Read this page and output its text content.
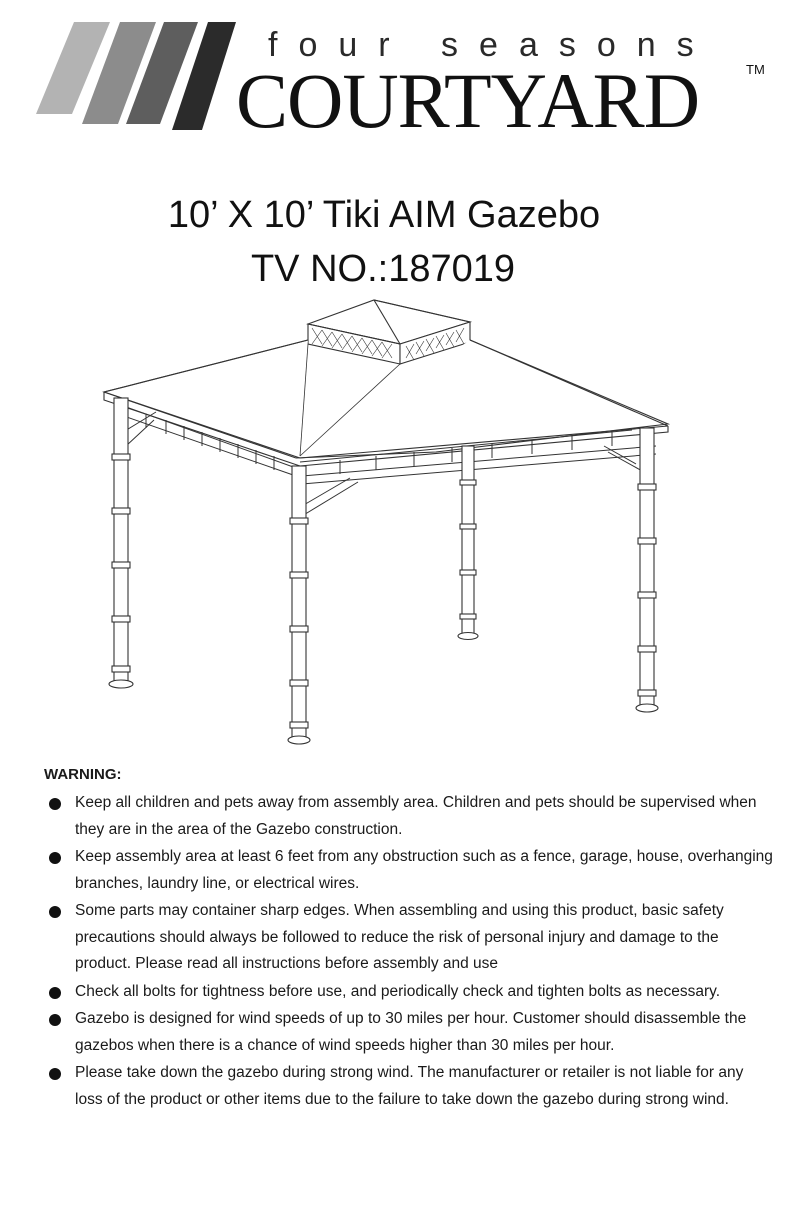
four seasons
COURTYARD	TM
10’ X 10’ Tiki AIM Gazebo
TV NO.:187019

WARNING:

Keep all children and pets away from assembly area. Children and pets should be supervised when they are in the area of the Gazebo construction.
Keep assembly area at least 6 feet from any obstruction such as a fence, garage, house, overhanging branches, laundry line, or electrical wires.
Some parts may container sharp edges. When assembling and using this product, basic safety precautions should always be followed to reduce the risk of personal injury and damage to the product. Please read all instructions before assembly and use
Check all bolts for tightness before use, and periodically check and tighten bolts as necessary.
Gazebo is designed for wind speeds of up to 30 miles per hour. Customer should disassemble the gazebos when there is a chance of wind speeds higher than 30 miles per hour.
Please take down the gazebo during strong wind. The manufacturer or retailer is not liable for any loss of the product or other items due to the failure to take down the gazebo during strong wind.
